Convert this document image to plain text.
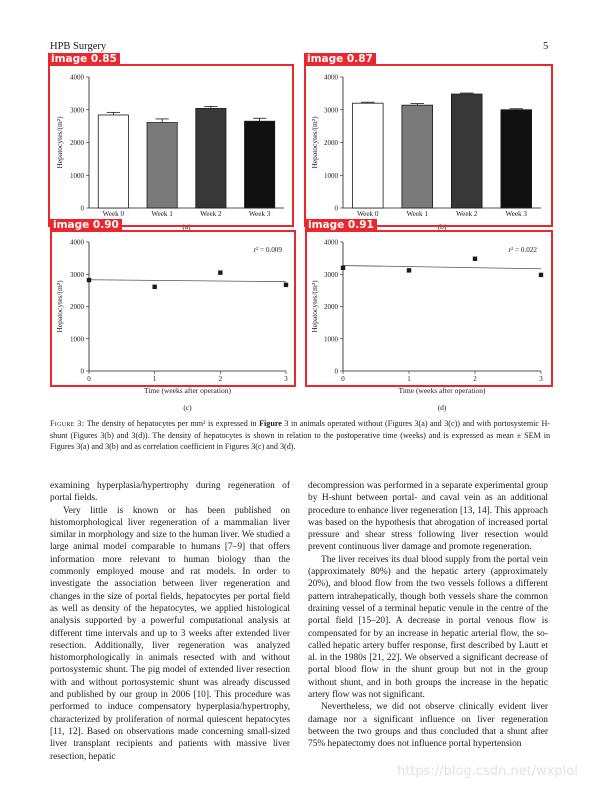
HPB Surgery	5
0
1000
2000
3000
4000
Hepatocytes/(m²)
Week 0	Week 1	Week 2	Week 3
(a)
0
1000
2000
3000
4000
Hepatocytes/(m²)
Week 0	Week 1	Week 2	Week 3
(b)
0
1000
2000
3000
4000
Hepatocytes/(m²)
0	1	2	3
r² = 0.009
Time (weeks after operation)
(c)
0
1000
2000
3000
4000
Hepatocytes/(m²)
0	1	2	3
r² = 0.022
Time (weeks after operation)
(d)
image 0.85	image 0.87
image 0.90	image 0.91
Figure 3: The density of hepatocytes per mm² is expressed in Figure 3 in animals operated without (Figures 3(a) and 3(c)) and with portosystemic H-shunt (Figures 3(b) and 3(d)). The density of hepatocytes is shown in relation to the postoperative time (weeks) and is expressed as mean ± SEM in Figures 3(a) and 3(b) and as correlation coefficient in Figures 3(c) and 3(d).

examining hyperplasia/hypertrophy during regeneration of portal fields.

Very little is known or has been published on histomorphological liver regeneration of a mammalian liver similar in morphology and size to the human liver. We studied a large animal model comparable to humans [7–9] that offers information more relevant to human biology than the commonly employed mouse and rat models. In order to investigate the association between liver regeneration and changes in the size of portal fields, hepatocytes per portal field as well as density of the hepatocytes, we applied histological analysis supported by a powerful computational analysis at different time intervals and up to 3 weeks after extended liver resection. Additionally, liver regeneration was analyzed histomorphologically in animals resected with and without portosystemic shunt. The pig model of extended liver resection with and without portosystemic shunt was already discussed and published by our group in 2006 [10]. This procedure was performed to induce compensatory hyperplasia/hypertrophy, characterized by proliferation of normal quiescent hepatocytes [11, 12]. Based on observations made concerning small-sized liver transplant recipients and patients with massive liver resection, hepatic

decompression was performed in a separate experimental group by H-shunt between portal- and caval vein as an additional procedure to enhance liver regeneration [13, 14]. This approach was based on the hypothesis that abrogation of increased portal pressure and shear stress following liver resection would prevent continuous liver damage and promote regeneration.

The liver receives its dual blood supply from the portal vein (approximately 80%) and the hepatic artery (approximately 20%), and blood flow from the two vessels follows a different pattern intrahepatically, though both vessels share the common draining vessel of a terminal hepatic venule in the centre of the portal field [15–20]. A decrease in portal venous flow is compensated for by an increase in hepatic arterial flow, the so-called hepatic artery buffer response, first described by Lautt et al. in the 1980s [21, 22]. We observed a significant decrease of portal blood flow in the shunt group but not in the group without shunt, and in both groups the increase in the hepatic artery flow was not significant.

Nevertheless, we did not observe clinically evident liver damage nor a significant influence on liver regeneration between the two groups and thus concluded that a shunt after 75% hepatectomy does not influence portal hypertension

https://blog.csdn.net/wxplol
